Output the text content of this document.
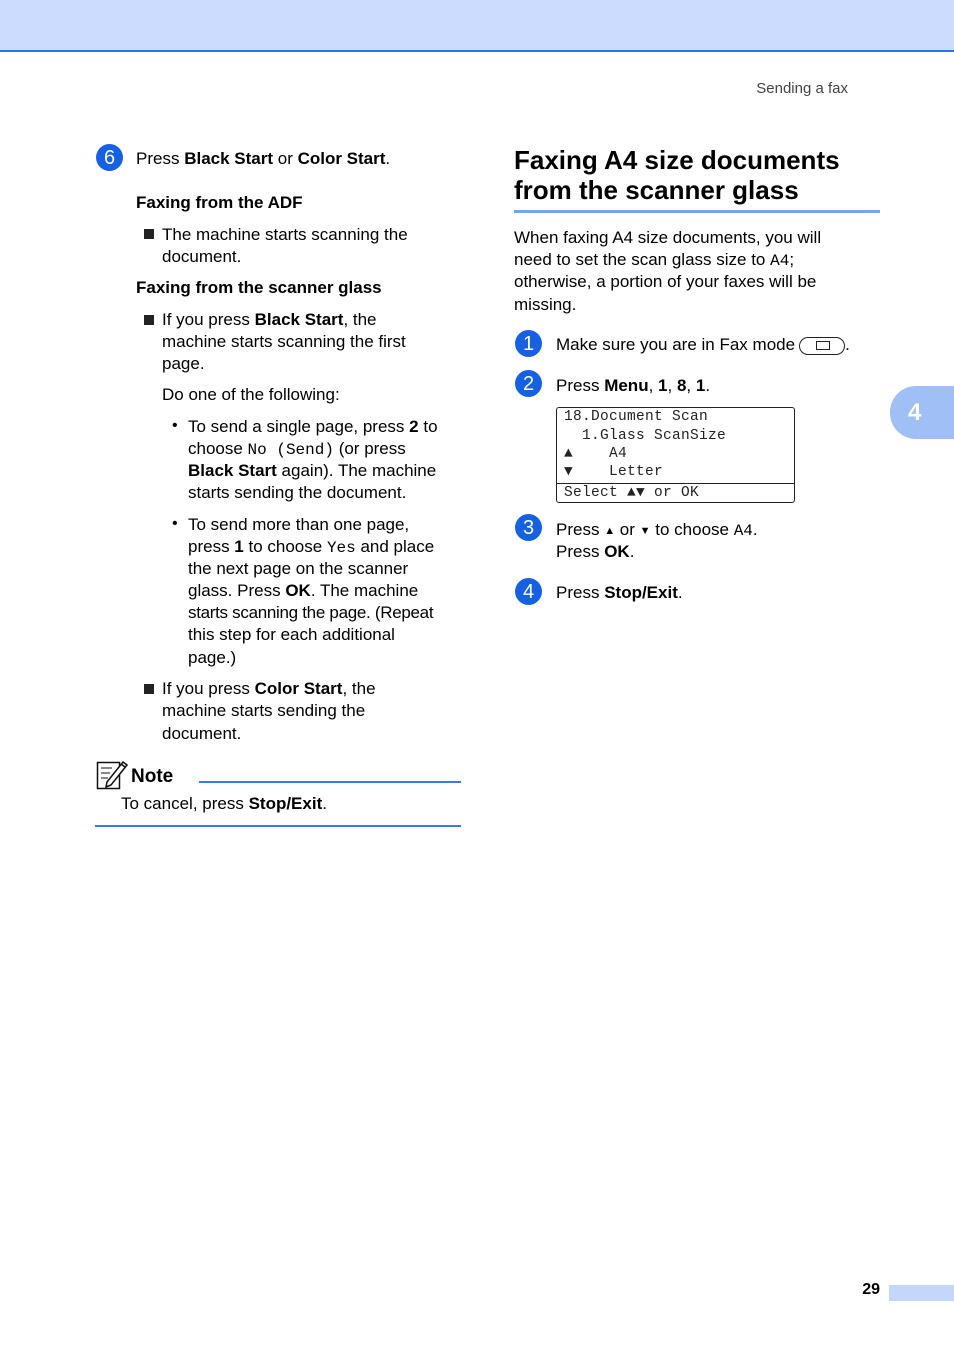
Sending a fax
4
6 Press Black Start or Color Start.
Faxing from the ADF
The machine starts scanning the
document.
Faxing from the scanner glass
If you press Black Start, the
machine starts scanning the first
page.
Do one of the following:
• To send a single page, press 2 to
choose No (Send) (or press
Black Start again). The machine
starts sending the document.
• To send more than one page,
press 1 to choose Yes and place
the next page on the scanner
glass. Press OK. The machine
starts scanning the page. (Repeat
this step for each additional
page.)
If you press Color Start, the
machine starts sending the
document.
Note
To cancel, press Stop/Exit.
Faxing A4 size documents
from the scanner glass
When faxing A4 size documents, you will
need to set the scan glass size to A4;
otherwise, a portion of your faxes will be
missing.
1 Make sure you are in Fax mode	.
2 Press Menu, 1, 8, 1.
18.Document Scan
1.Glass ScanSize
▲    A4
▼    Letter
Select ▲▼ or OK
3 Press ▲ or ▼ to choose A4.
Press OK.
4 Press Stop/Exit.
29
